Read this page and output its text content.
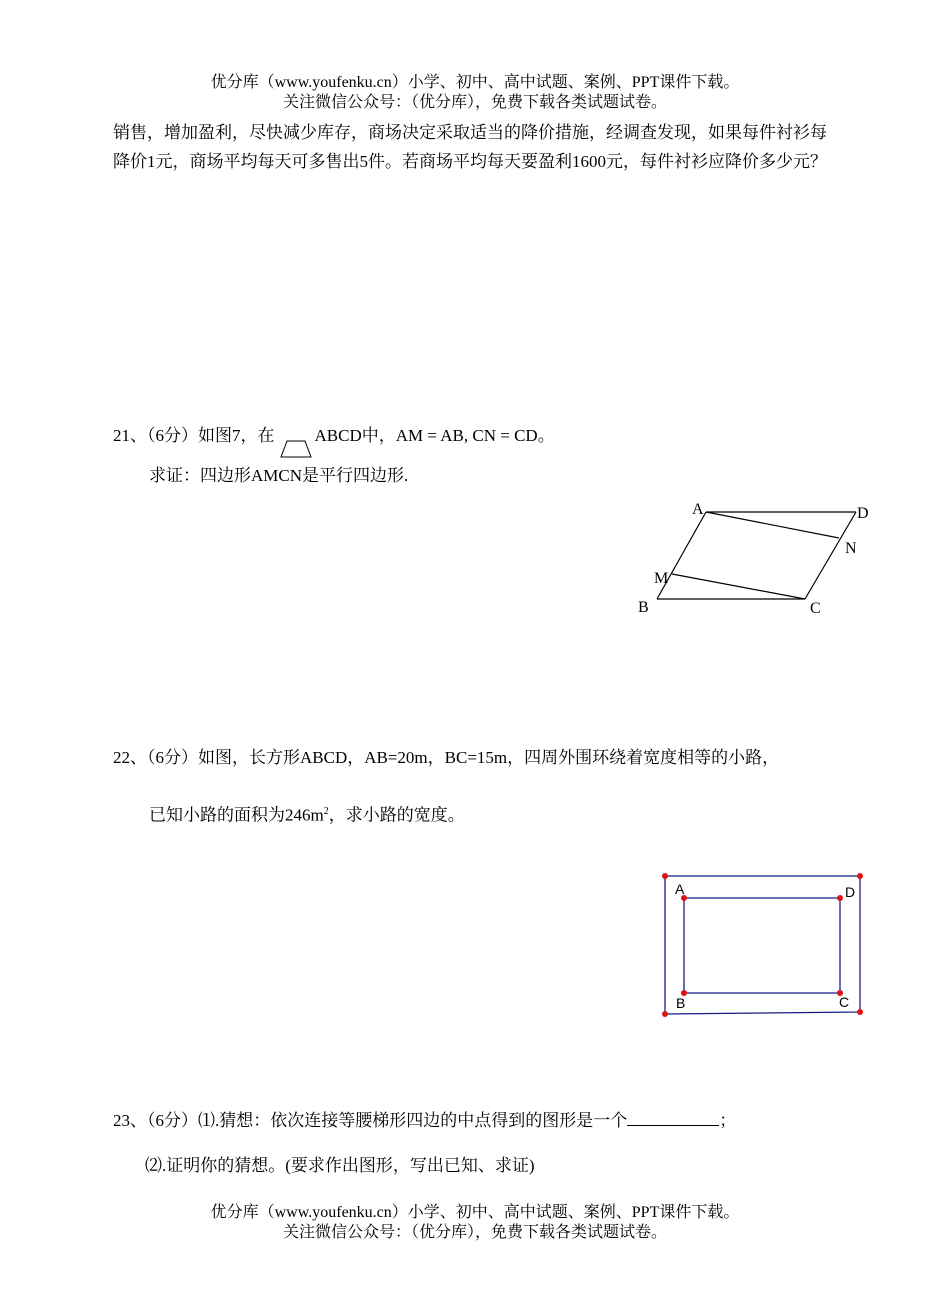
优分库（www.youfenku.cn）小学、初中、高中试题、案例、PPT课件下载。
关注微信公众号：（优分库），免费下载各类试题试卷。
销售，增加盈利，尽快减少库存，商场决定采取适当的降价措施，经调查发现，如果每件衬衫每降价1元，商场平均每天可多售出5件。若商场平均每天要盈利1600元，每件衬衫应降价多少元？
21、（6分）如图7，在 ABCD中，AM = AB, CN = CD。
求证：四边形AMCN是平行四边形.
A	D
N
M
B	C
22、（6分）如图，长方形ABCD，AB=20m，BC=15m，四周外围环绕着宽度相等的小路，
已知小路的面积为$246m^2$，求小路的宽度。
A	D
B	C
23、（6分）⑴.猜想：依次连接等腰梯形四边的中点得到的图形是一个	；
⑵.证明你的猜想。(要求作出图形，写出已知、求证)
优分库（www.youfenku.cn）小学、初中、高中试题、案例、PPT课件下载。
关注微信公众号：（优分库），免费下载各类试题试卷。
